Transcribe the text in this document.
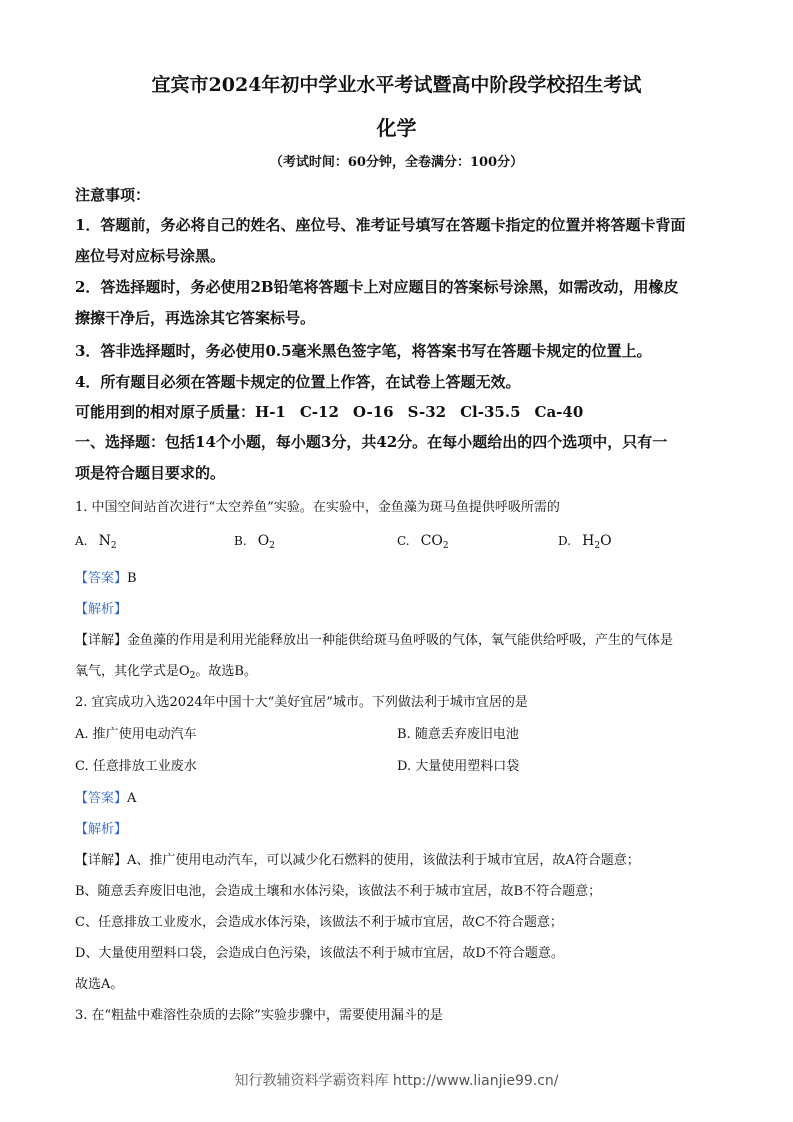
宜宾市2024年初中学业水平考试暨高中阶段学校招生考试
化学
（考试时间：60分钟，全卷满分：100分）
注意事项：
1．答题前，务必将自己的姓名、座位号、准考证号填写在答题卡指定的位置并将答题卡背面
座位号对应标号涂黑。
2．答选择题时，务必使用2B铅笔将答题卡上对应题目的答案标号涂黑，如需改动，用橡皮
擦擦干净后，再选涂其它答案标号。
3．答非选择题时，务必使用0.5毫米黑色签字笔，将答案书写在答题卡规定的位置上。
4．所有题目必须在答题卡规定的位置上作答，在试卷上答题无效。
可能用到的相对原子质量：H-1 C-12 O-16 S-32 Cl-35.5 Ca-40
一、选择题：包括14个小题，每小题3分，共42分。在每小题给出的四个选项中，只有一
项是符合题目要求的。
1. 中国空间站首次进行“太空养鱼”实验。在实验中，金鱼藻为斑马鱼提供呼吸所需的
A. $N_2$	B. $O_2$	C. $CO_2$	D. $H_2O$
【答案】B
【解析】
【详解】金鱼藻的作用是利用光能释放出一种能供给斑马鱼呼吸的气体，氧气能供给呼吸，产生的气体是
氧气，其化学式是$O_2$。故选B。
2. 宜宾成功入选2024年中国十大“美好宜居”城市。下列做法利于城市宜居的是
A. 推广使用电动汽车	B. 随意丢弃废旧电池
C. 任意排放工业废水	D. 大量使用塑料口袋
【答案】A
【解析】
【详解】A、推广使用电动汽车，可以减少化石燃料的使用，该做法利于城市宜居，故A符合题意；
B、随意丢弃废旧电池，会造成土壤和水体污染，该做法不利于城市宜居，故B不符合题意；
C、任意排放工业废水，会造成水体污染，该做法不利于城市宜居，故C不符合题意；
D、大量使用塑料口袋，会造成白色污染，该做法不利于城市宜居，故D不符合题意。
故选A。
3. 在“粗盐中难溶性杂质的去除”实验步骤中，需要使用漏斗的是
知行教辅资料学霸资料库 http://www.lianjie99.cn/
